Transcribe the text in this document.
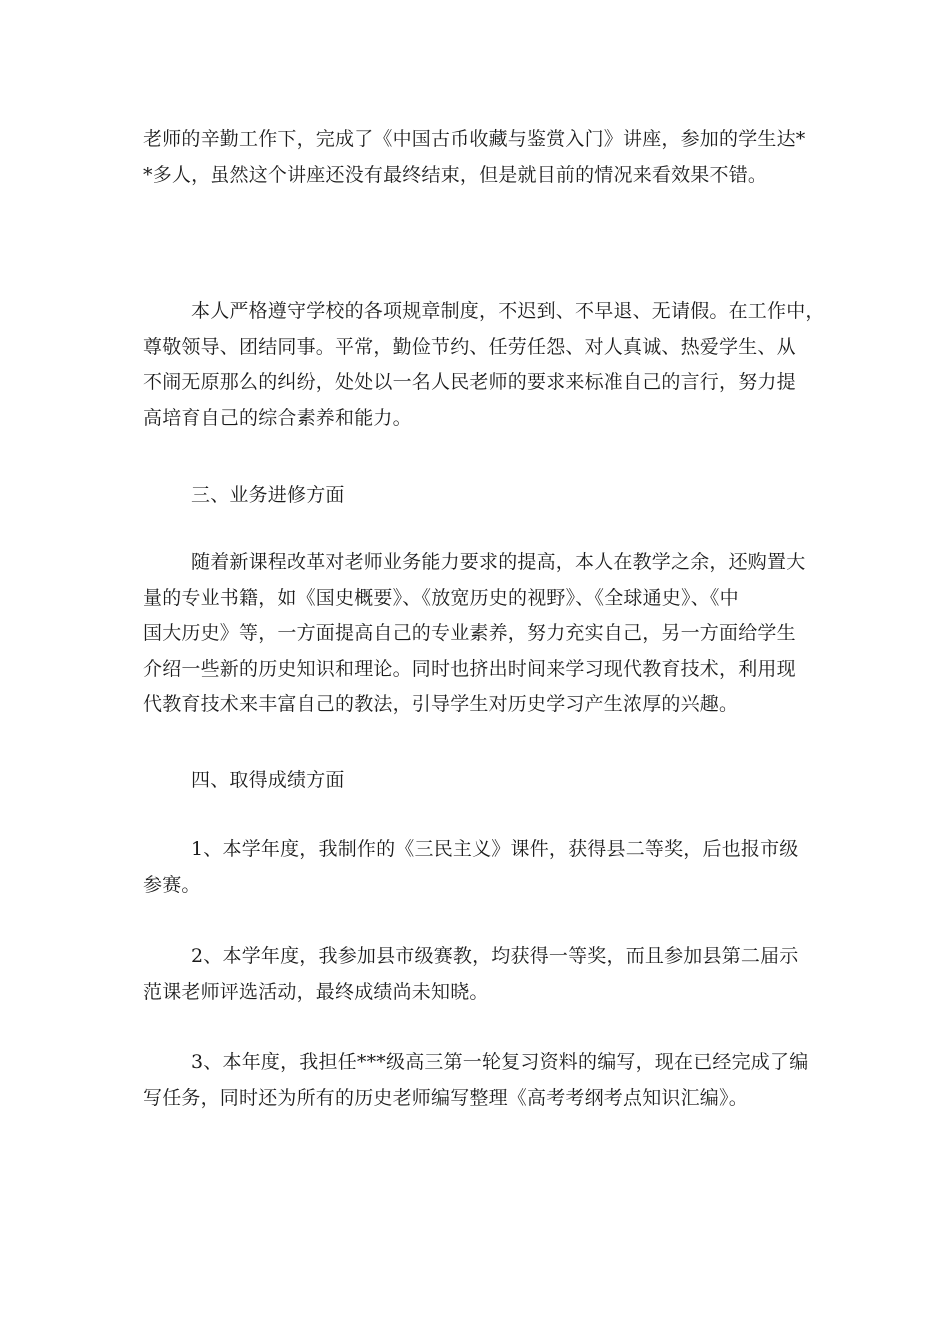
老师的辛勤工作下，完成了《中国古币收藏与鉴赏入门》讲座，参加的学生达*
*多人，虽然这个讲座还没有最终结束，但是就目前的情况来看效果不错。

本人严格遵守学校的各项规章制度，不迟到、不早退、无请假。在工作中，
尊敬领导、团结同事。平常，勤俭节约、任劳任怨、对人真诚、热爱学生、从
不闹无原那么的纠纷，处处以一名人民老师的要求来标准自己的言行，努力提
高培育自己的综合素养和能力。

三、业务进修方面

随着新课程改革对老师业务能力要求的提高，本人在教学之余，还购置大
量的专业书籍，如《国史概要》、《放宽历史的视野》、《全球通史》、《中
国大历史》等，一方面提高自己的专业素养，努力充实自己，另一方面给学生
介绍一些新的历史知识和理论。同时也挤出时间来学习现代教育技术，利用现
代教育技术来丰富自己的教法，引导学生对历史学习产生浓厚的兴趣。

四、取得成绩方面

1、本学年度，我制作的《三民主义》课件，获得县二等奖，后也报市级
参赛。

2、本学年度，我参加县市级赛教，均获得一等奖，而且参加县第二届示
范课老师评选活动，最终成绩尚未知晓。

3、本年度，我担任***级高三第一轮复习资料的编写，现在已经完成了编
写任务，同时还为所有的历史老师编写整理《高考考纲考点知识汇编》。
